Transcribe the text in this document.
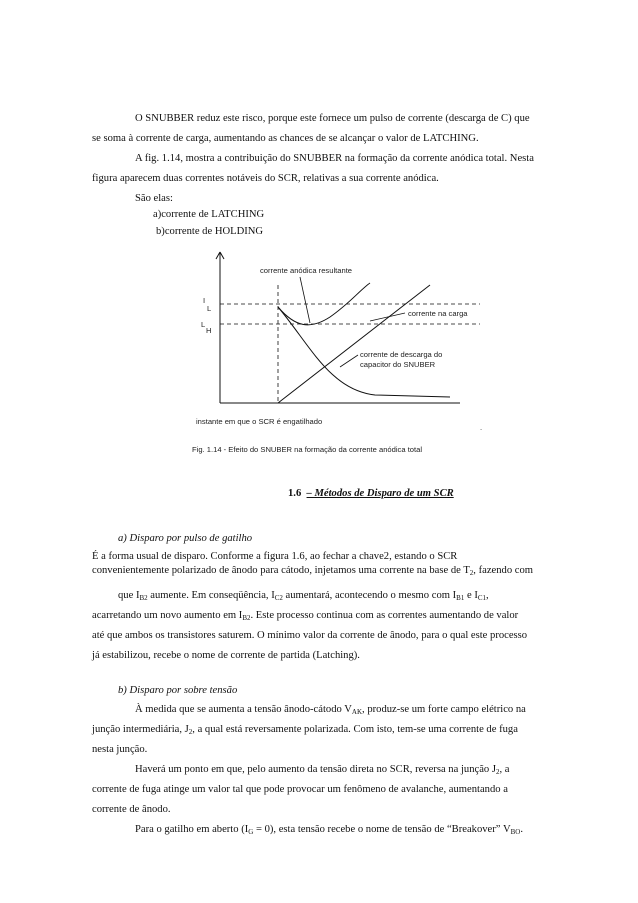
O SNUBBER reduz este risco, porque este fornece um pulso de corrente (descarga de C) que
se soma à corrente de carga, aumentando as chances de se alcançar o valor de LATCHING.
A fig. 1.14, mostra a contribuição do SNUBBER na formação da corrente anódica total. Nesta
figura aparecem duas correntes notáveis do SCR, relativas a sua corrente anódica.
São elas:
a)corrente de LATCHING
b)corrente de HOLDING
corrente anódica resultante
corrente na carga
corrente de descarga do
capacitor do SNUBER
I
L
L
H
instante em que o SCR é engatilhado
.
Fig. 1.14 - Efeito do SNUBER na formação da corrente anódica total
1.6 – Métodos de Disparo de um SCR
a) Disparo por pulso de gatilho
É a forma usual de disparo. Conforme a figura 1.6, ao fechar a chave2, estando o SCR
convenientemente polarizado de ânodo para cátodo, injetamos uma corrente na base de $T_2$, fazendo com
que $I_{B2}$ aumente. Em conseqüência, $I_{C2}$ aumentará, acontecendo o mesmo com $I_{B1}$ e $I_{C1}$,
acarretando um novo aumento em $I_{B2}$. Este processo continua com as correntes aumentando de valor
até que ambos os transistores saturem. O mínimo valor da corrente de ânodo, para o qual este processo
já estabilizou, recebe o nome de corrente de partida (Latching).
b) Disparo por sobre tensão
À medida que se aumenta a tensão ânodo-cátodo $V_{AK}$, produz-se um forte campo elétrico na
junção intermediária, $J_2$, a qual está reversamente polarizada. Com isto, tem-se uma corrente de fuga
nesta junção.
Haverá um ponto em que, pelo aumento da tensão direta no SCR, reversa na junção $J_2$, a
corrente de fuga atinge um valor tal que pode provocar um fenômeno de avalanche, aumentando a
corrente de ânodo.
Para o gatilho em aberto $(I_G = 0)$, esta tensão recebe o nome de tensão de “Breakover” $V_{BO}$.
